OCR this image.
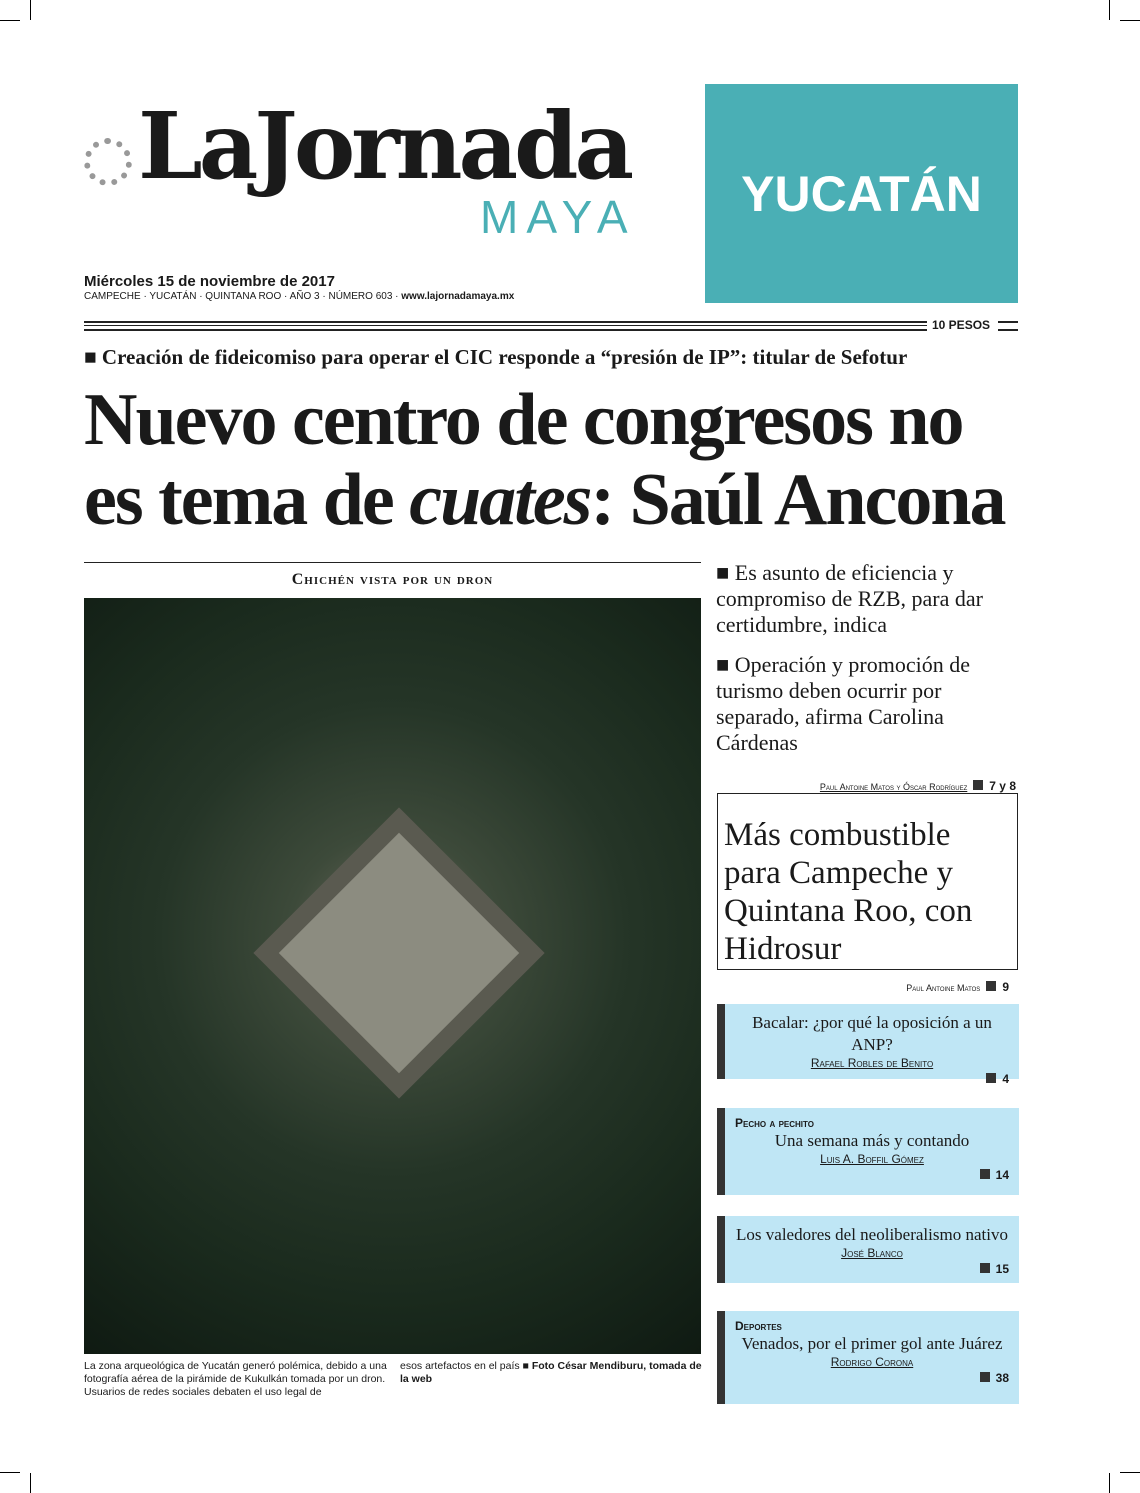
LaJornada
MAYA	YUCATÁN
Miércoles 15 de noviembre de 2017
CAMPECHE · YUCATÁN · QUINTANA ROO · AÑO 3 · NÚMERO 603 · www.lajornadamaya.mx
10 PESOS
■ Creación de fideicomiso para operar el CIC responde a “presión de IP”: titular de Sefotur
Nuevo centro de congresos no es tema de cuates: Saúl Ancona
Chichén vista por un dron
La zona arqueológica de Yucatán generó polémica, debido a una fotografía aérea de la pirámide de Kukulkán tomada por un dron. Usuarios de redes sociales debaten el uso legal de
esos artefactos en el país ■ Foto César Mendiburu, tomada de la web

■ Es asunto de eficiencia y compromiso de RZB, para dar certidumbre, indica

■ Operación y promoción de turismo deben ocurrir por separado, afirma Carolina Cárdenas

Paul Antoine Matos y Óscar Rodríguez 7 y 8
Más combustible para Campeche y Quintana Roo, con Hidrosur
Paul Antoine Matos 9
Bacalar: ¿por qué la oposición a un ANP?
Rafael Robles de Benito
4
Pecho a pechito
Una semana más y contando
Luis A. Boffil Gómez
14
Los valedores del neoliberalismo nativo
José Blanco
15
Deportes
Venados, por el primer gol ante Juárez
Rodrigo Corona
38
